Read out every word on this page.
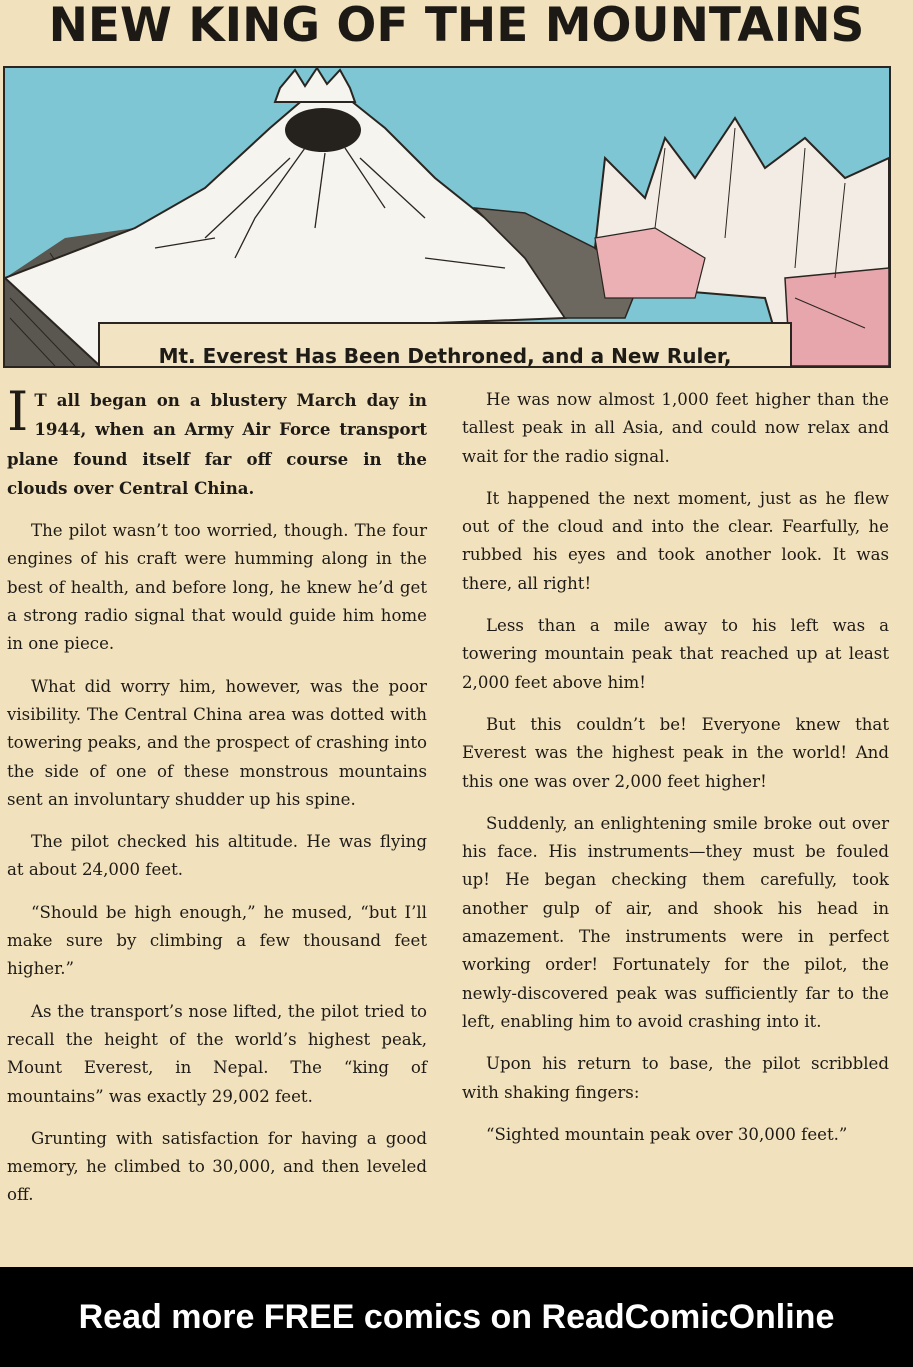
NEW KING OF THE MOUNTAINS
Mt. Everest Has Been Dethroned, and a New Ruler,

I T all began on a blustery March day in 1944, when an Army Air Force transport plane found itself far off course in the clouds over Central China.

The pilot wasn’t too worried, though. The four engines of his craft were humming along in the best of health, and before long, he knew he’d get a strong radio signal that would guide him home in one piece.

What did worry him, however, was the poor visibility. The Central China area was dotted with towering peaks, and the prospect of crashing into the side of one of these monstrous mountains sent an involuntary shudder up his spine.

The pilot checked his altitude. He was flying at about 24,000 feet.

“Should be high enough,” he mused, “but I’ll make sure by climbing a few thousand feet higher.”

As the transport’s nose lifted, the pilot tried to recall the height of the world’s highest peak, Mount Everest, in Nepal. The “king of mountains” was exactly 29,002 feet.

Grunting with satisfaction for having a good memory, he climbed to 30,000, and then leveled off.

He was now almost 1,000 feet higher than the tallest peak in all Asia, and could now relax and wait for the radio signal.

It happened the next moment, just as he flew out of the cloud and into the clear. Fearfully, he rubbed his eyes and took another look. It was there, all right!

Less than a mile away to his left was a towering mountain peak that reached up at least 2,000 feet above him!

But this couldn’t be! Everyone knew that Everest was the highest peak in the world! And this one was over 2,000 feet higher!

Suddenly, an enlightening smile broke out over his face. His instruments—they must be fouled up! He began checking them carefully, took another gulp of air, and shook his head in amazement. The instruments were in perfect working order! Fortunately for the pilot, the newly-discovered peak was sufficiently far to the left, enabling him to avoid crashing into it.

Upon his return to base, the pilot scribbled with shaking fingers:

“Sighted mountain peak over 30,000 feet.”

Read more FREE comics on ReadComicOnline
